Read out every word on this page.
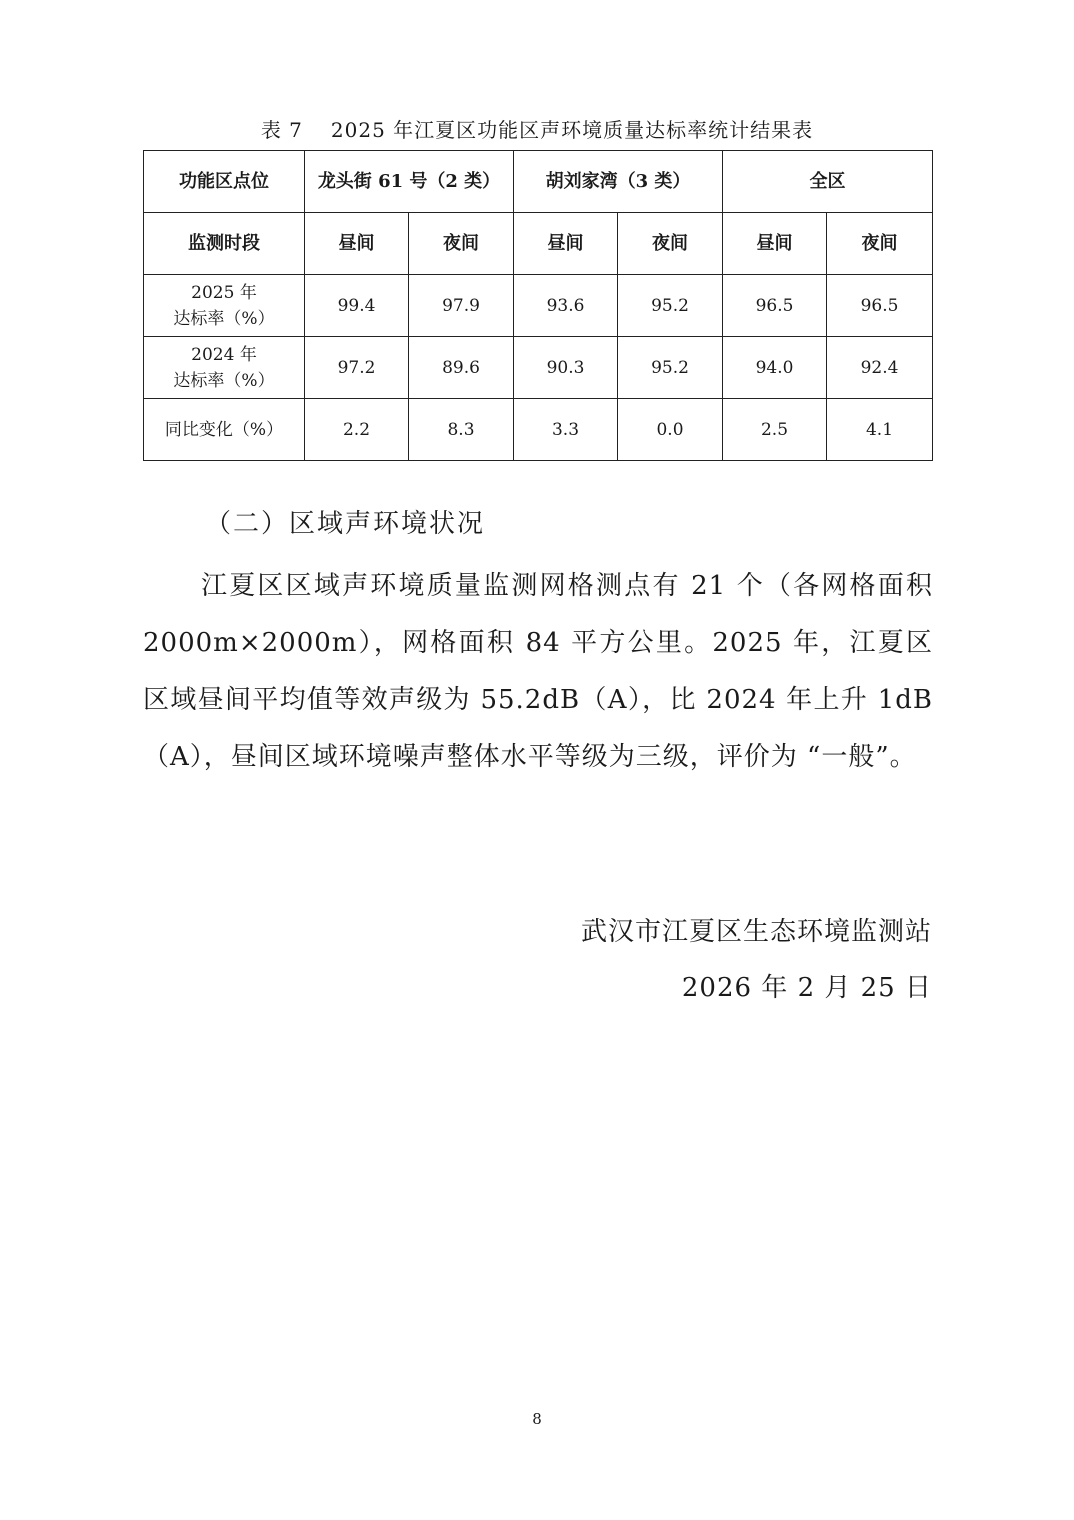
表 7 2025 年江夏区功能区声环境质量达标率统计结果表
功能区点位	龙头街 61 号（2 类）		胡刘家湾（3 类）		全区	
监测时段	昼间	夜间	昼间	夜间	昼间	夜间
2025 年
达标率（%）	99.4	97.9	93.6	95.2	96.5	96.5
2024 年
达标率（%）	97.2	89.6	90.3	95.2	94.0	92.4
同比变化（%）	2.2	8.3	3.3	0.0	2.5	4.1
（二）区域声环境状况
江夏区区域声环境质量监测网格测点有 21 个（各网格面积 2000m×2000m），网格面积 84 平方公里。2025 年，江夏区区域昼间平均值等效声级为 55.2dB（A），比 2024 年上升 1dB（A），昼间区域环境噪声整体水平等级为三级，评价为 “一般”。
武汉市江夏区生态环境监测站
2026 年 2 月 25 日
8
